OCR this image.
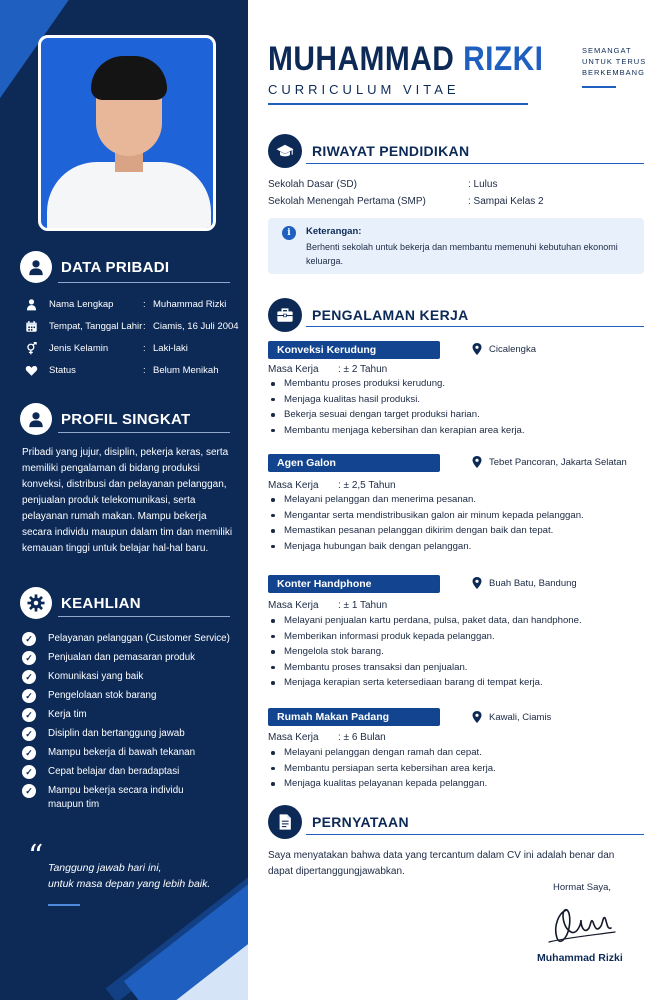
DATA PRIBADI
Nama Lengkap	: Muhammad Rizki
Tempat, Tanggal Lahir : Ciamis, 16 Juli 2004
Jenis Kelamin	: Laki-laki
Status	: Belum Menikah
PROFIL SINGKAT
Pribadi yang jujur, disiplin, pekerja keras, serta memiliki pengalaman di bidang produksi konveksi, distribusi dan pelayanan pelanggan, penjualan produk telekomunikasi, serta pelayanan rumah makan. Mampu bekerja secara individu maupun dalam tim dan memiliki kemauan tinggi untuk belajar hal-hal baru.
KEAHLIAN
✓	Pelayanan pelanggan (Customer Service)
✓	Penjualan dan pemasaran produk
✓	Komunikasi yang baik
✓	Pengelolaan stok barang
✓	Kerja tim
✓	Disiplin dan bertanggung jawab
✓	Mampu bekerja di bawah tekanan
✓	Cepat belajar dan beradaptasi
✓	Mampu bekerja secara individu maupun tim
“ Tanggung jawab hari ini,
untuk masa depan yang lebih baik.
MUHAMMAD RIZKI
CURRICULUM VITAE
SEMANGAT UNTUK TERUS BERKEMBANG
RIWAYAT PENDIDIKAN
Sekolah Dasar (SD)	: Lulus
Sekolah Menengah Pertama (SMP)	: Sampai Kelas 2
i	Keterangan:
Berhenti sekolah untuk bekerja dan membantu memenuhi kebutuhan ekonomi keluarga.
PENGALAMAN KERJA
Konveksi Kerudung	Cicalengka
Masa Kerja	: ± 2 Tahun
Membantu proses produksi kerudung.
Menjaga kualitas hasil produksi.
Bekerja sesuai dengan target produksi harian.
Membantu menjaga kebersihan dan kerapian area kerja.
Agen Galon	Tebet Pancoran, Jakarta Selatan
Masa Kerja	: ± 2,5 Tahun
Melayani pelanggan dan menerima pesanan.
Mengantar serta mendistribusikan galon air minum kepada pelanggan.
Memastikan pesanan pelanggan dikirim dengan baik dan tepat.
Menjaga hubungan baik dengan pelanggan.
Konter Handphone	Buah Batu, Bandung
Masa Kerja	: ± 1 Tahun
Melayani penjualan kartu perdana, pulsa, paket data, dan handphone.
Memberikan informasi produk kepada pelanggan.
Mengelola stok barang.
Membantu proses transaksi dan penjualan.
Menjaga kerapian serta ketersediaan barang di tempat kerja.
Rumah Makan Padang	Kawali, Ciamis
Masa Kerja	: ± 6 Bulan
Melayani pelanggan dengan ramah dan cepat.
Membantu persiapan serta kebersihan area kerja.
Menjaga kualitas pelayanan kepada pelanggan.
PERNYATAAN
Saya menyatakan bahwa data yang tercantum dalam CV ini adalah benar dan dapat dipertanggungjawabkan.
Hormat Saya,
Muhammad Rizki
